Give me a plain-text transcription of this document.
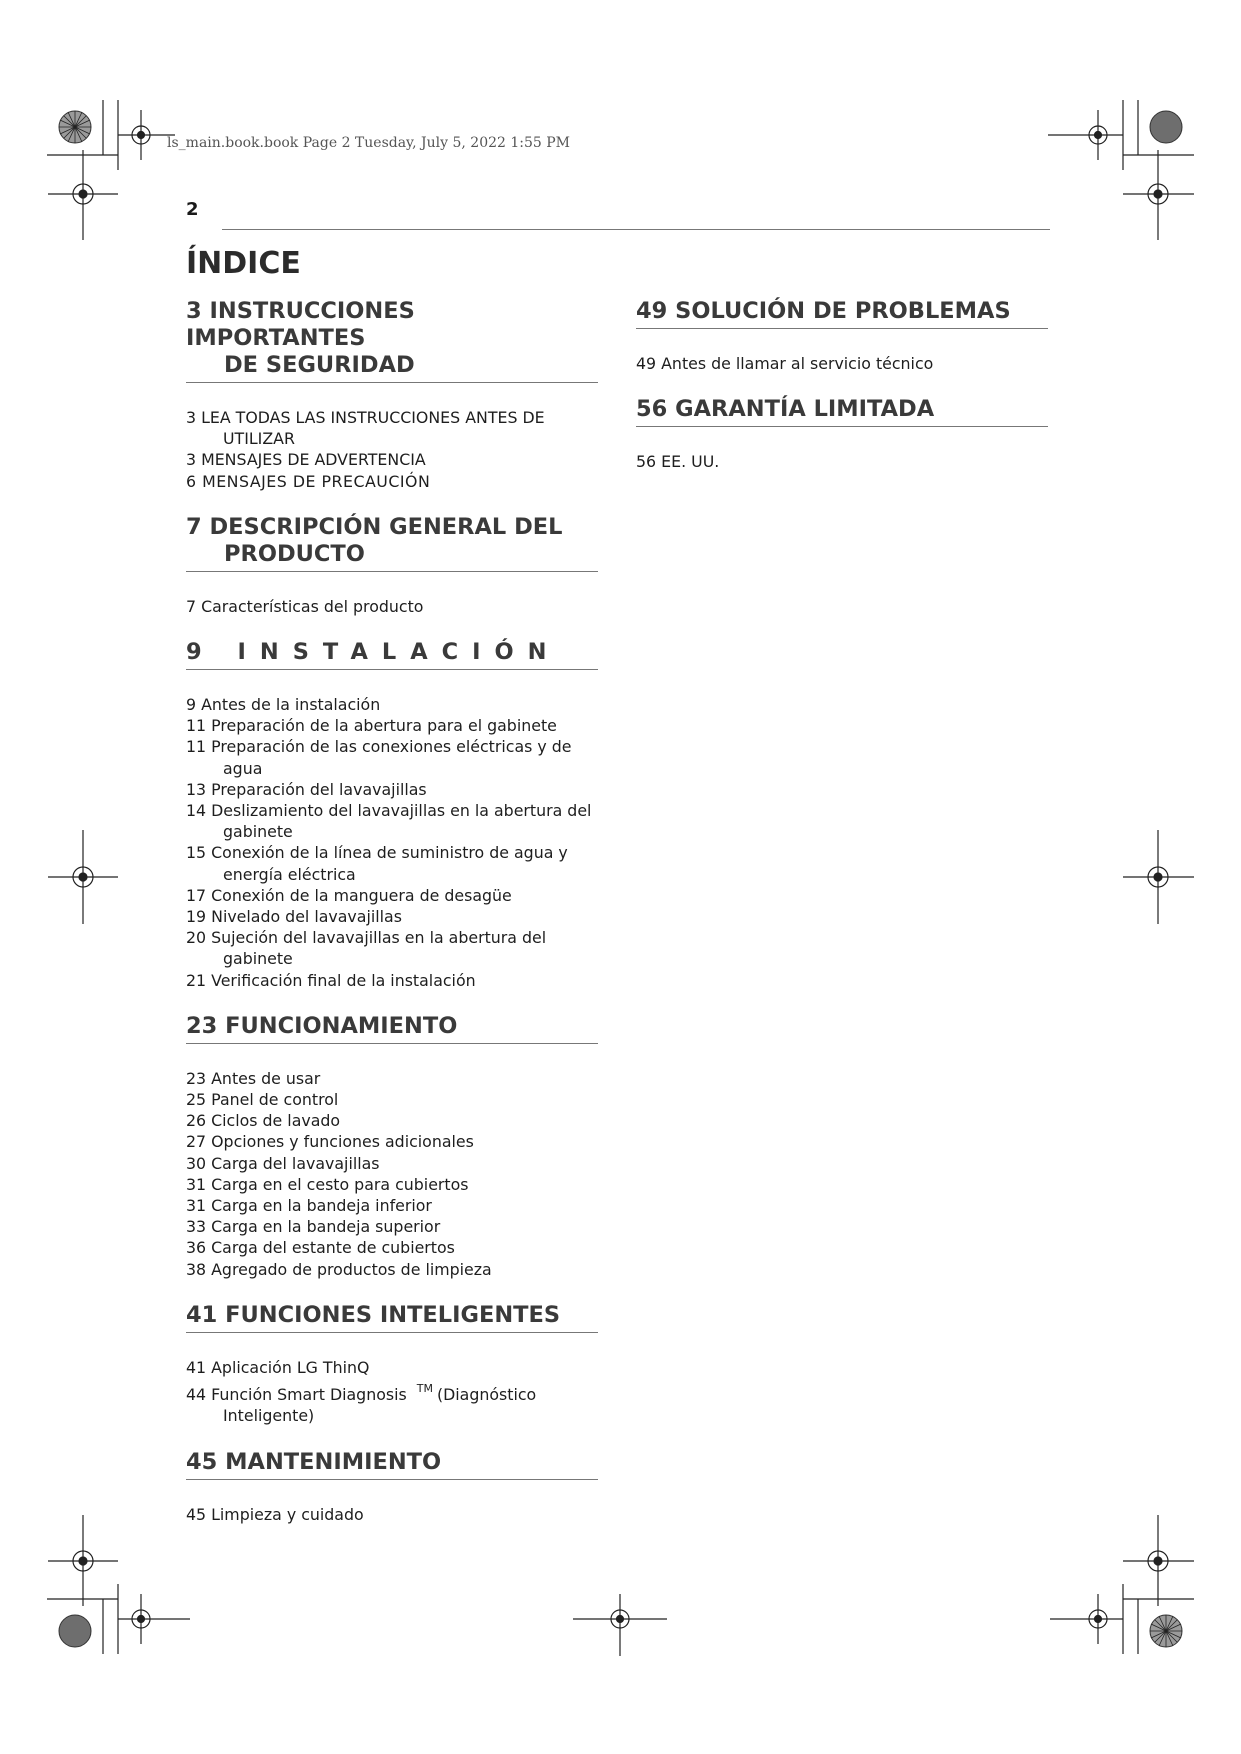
ls_main.book.book Page 2 Tuesday, July 5, 2022 1:55 PM
2
ÍNDICE
3 INSTRUCCIONES IMPORTANTES
DE SEGURIDAD
3 LEA TODAS LAS INSTRUCCIONES ANTES DE UTILIZAR
3 MENSAJES DE ADVERTENCIA
6 MENSAJES DE PRECAUCIÓN
7 DESCRIPCIÓN GENERAL DEL
PRODUCTO
7 Características del producto
9 INSTALACIÓN
9 Antes de la instalación
11 Preparación de la abertura para el gabinete
11 Preparación de las conexiones eléctricas y de agua
13 Preparación del lavavajillas
14 Deslizamiento del lavavajillas en la abertura del gabinete
15 Conexión de la línea de suministro de agua y energía eléctrica
17 Conexión de la manguera de desagüe
19 Nivelado del lavavajillas
20 Sujeción del lavavajillas en la abertura del gabinete
21 Verificación final de la instalación
23 FUNCIONAMIENTO
23 Antes de usar
25 Panel de control
26 Ciclos de lavado
27 Opciones y funciones adicionales
30 Carga del lavavajillas
31 Carga en el cesto para cubiertos
31 Carga en la bandeja inferior
33 Carga en la bandeja superior
36 Carga del estante de cubiertos
38 Agregado de productos de limpieza
41 FUNCIONES INTELIGENTES
41 Aplicación LG ThinQ
44 Función Smart Diagnosis ™ (Diagnóstico Inteligente)
45 MANTENIMIENTO
45 Limpieza y cuidado
49 SOLUCIÓN DE PROBLEMAS
49 Antes de llamar al servicio técnico
56 GARANTÍA LIMITADA
56 EE. UU.
